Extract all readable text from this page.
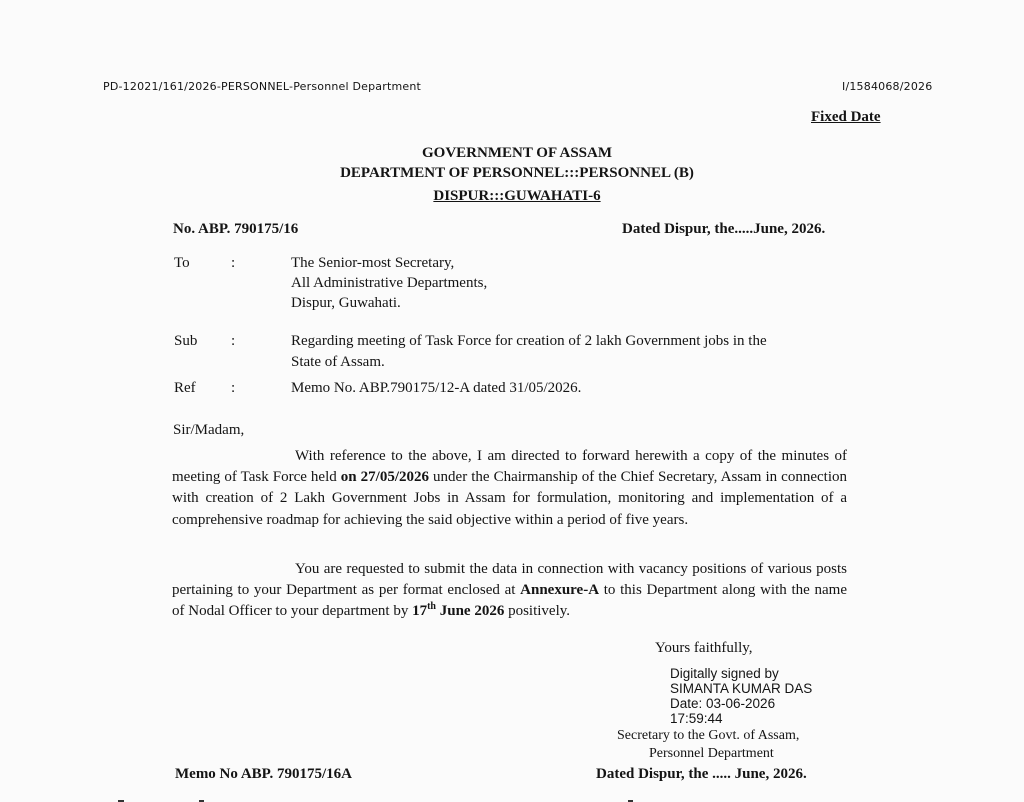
PD-12021/161/2026-PERSONNEL-Personnel Department	I/1584068/2026
Fixed Date
GOVERNMENT OF ASSAM
DEPARTMENT OF PERSONNEL:::PERSONNEL (B)
DISPUR:::GUWAHATI-6
No. ABP. 790175/16	Dated Dispur, the.....June, 2026.
To	:	The Senior-most Secretary,
All Administrative Departments,
Dispur, Guwahati.
Sub :	Regarding meeting of Task Force for creation of 2 lakh Government jobs in the
State of Assam.
Ref :	Memo No. ABP.790175/12-A dated 31/05/2026.
Sir/Madam,
With reference to the above, I am directed to forward herewith a copy of the minutes of meeting of Task Force held on 27/05/2026 under the Chairmanship of the Chief Secretary, Assam in connection with creation of 2 Lakh Government Jobs in Assam for formulation, monitoring and implementation of a comprehensive roadmap for achieving the said objective within a period of five years.
You are requested to submit the data in connection with vacancy positions of various posts pertaining to your Department as per format enclosed at Annexure-A to this Department along with the name of Nodal Officer to your department by 17th June 2026 positively.
Yours faithfully,
Digitally signed by
SIMANTA KUMAR DAS
Date: 03-06-2026
17:59:44
Secretary to the Govt. of Assam,
Personnel Department
Memo No ABP. 790175/16A	Dated Dispur, the ..... June, 2026.
